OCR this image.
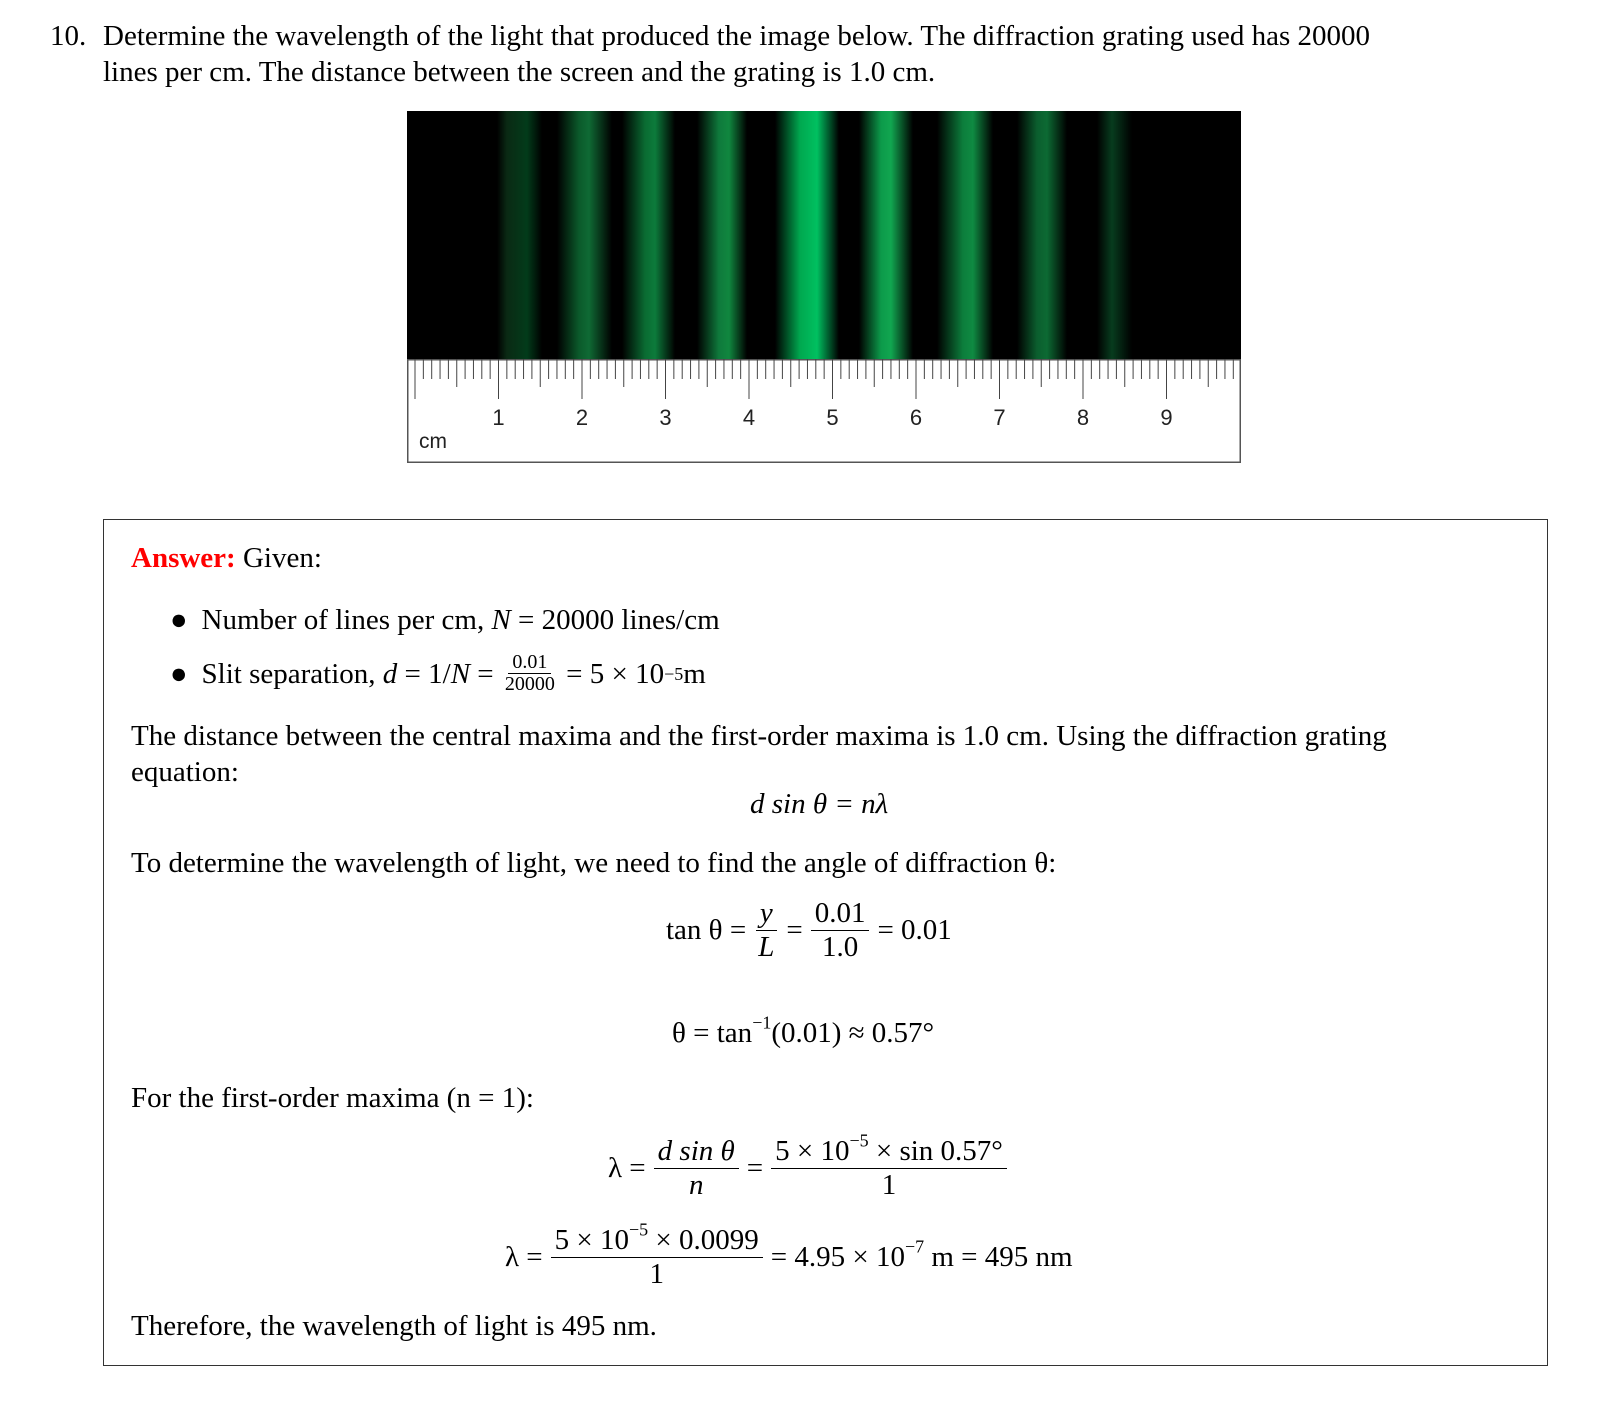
10. Determine the wavelength of the light that produced the image below. The diffraction grating used has 20000
lines per cm. The distance between the screen and the grating is 1.0 cm.
1	2	3	4	5	6	7	8	9
cm
Answer: Given:
● Number of lines per cm, N = 20000 lines/cm
● Slit separation,
d
= 1/ N
=
$\frac{0.01}{20000}$
= 5 × 10 −5 m
The distance between the central maxima and the first-order maxima is 1.0 cm. Using the diffraction grating
equation:
d sin θ = nλ
To determine the wavelength of light, we need to find the angle of diffraction θ:
$\tan \theta = \frac{y}{L} = \frac{0.01}{1.0} = 0.01$
$\theta = \tan^{-1}(0.01) \approx 0.57^\circ$
For the first-order maxima (n = 1):
$\lambda = \frac{\text{d sin θ}}{n} = \frac{5 \times 10^{-5} \times \sin 0.57^\circ}{1}$
$\lambda = \frac{5 \times 10^{-5} \times 0.0099}{1} = 4.95 \times 10^{-7}$ m = 495 nm
Therefore, the wavelength of light is 495 nm.
